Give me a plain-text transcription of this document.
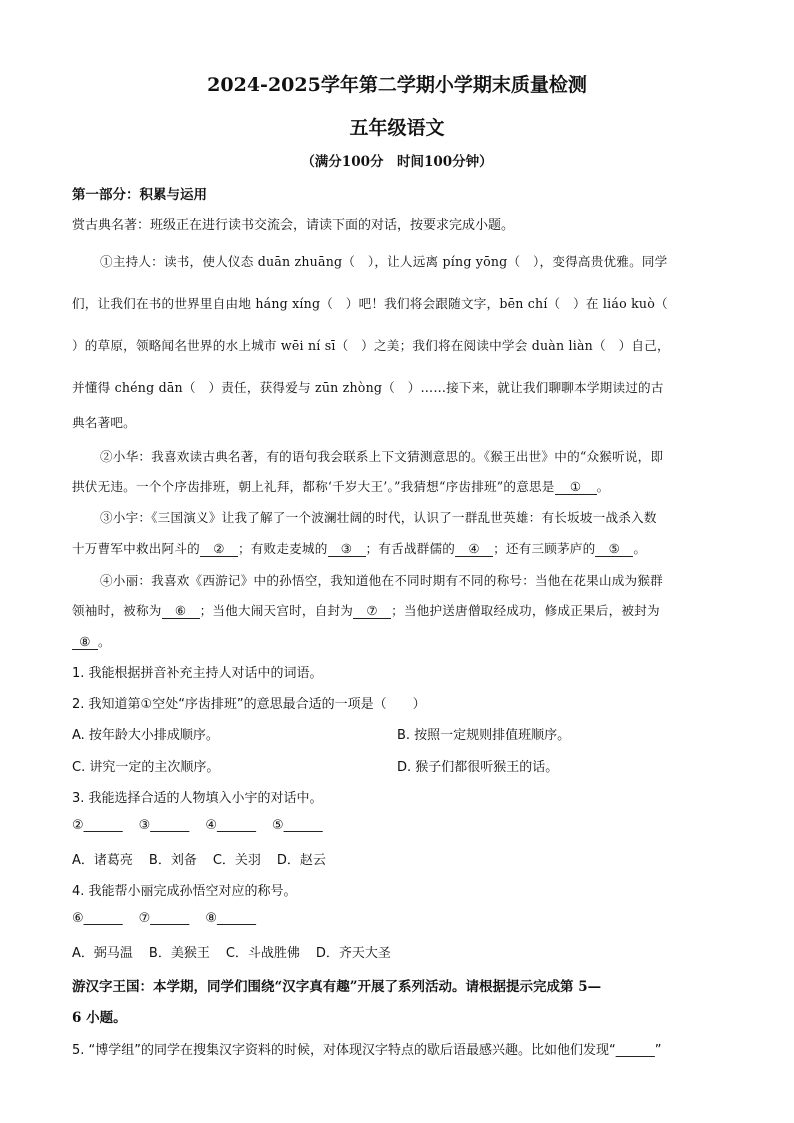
2024-2025学年第二学期小学期末质量检测
五年级语文
（满分100分　时间100分钟）
第一部分：积累与运用
赏古典名著：班级正在进行读书交流会，请读下面的对话，按要求完成小题。
①主持人：读书，使人仪态 duān zhuāng（　），让人远离 píng yōng（　），变得高贵优雅。同学
们，让我们在书的世界里自由地 háng xíng（　）吧！我们将会跟随文字，bēn chí（　）在 liáo kuò（
）的草原，领略闻名世界的水上城市 wēi ní sī（　）之美；我们将在阅读中学会 duàn liàn（　）自己，
并懂得 chéng dān（　）责任，获得爱与 zūn zhòng（　）……接下来，就让我们聊聊本学期读过的古
典名著吧。
②小华：我喜欢读古典名著，有的语句我会联系上下文猜测意思的。《猴王出世》中的“众猴听说，即
拱伏无违。一个个序齿排班，朝上礼拜，都称‘千岁大王’。”我猜想“序齿排班”的意思是 ① 。
③小宇：《三国演义》让我了解了一个波澜壮阔的时代，认识了一群乱世英雄：有长坂坡一战杀入数
十万曹军中救出阿斗的 ② ；有败走麦城的 ③ ；有舌战群儒的 ④ ；还有三顾茅庐的 ⑤ 。
④小丽：我喜欢《西游记》中的孙悟空，我知道他在不同时期有不同的称号：当他在花果山成为猴群
领袖时，被称为 ⑥ ；当他大闹天宫时，自封为 ⑦ ；当他护送唐僧取经成功，修成正果后，被封为
⑧ 。
1. 我能根据拼音补充主持人对话中的词语。
2. 我知道第①空处“序齿排班”的意思最合适的一项是（　　）
A. 按年龄大小排成顺序。	B. 按照一定规则排值班顺序。
C. 讲究一定的主次顺序。	D. 猴子们都很听猴王的话。
3. 我能选择合适的人物填入小宇的对话中。
②______ ③______ ④______ ⑤______
A．诸葛亮 B．刘备 C．关羽 D．赵云
4. 我能帮小丽完成孙悟空对应的称号。
⑥______ ⑦______ ⑧______
A．弼马温 B．美猴王 C．斗战胜佛 D．齐天大圣
游汉字王国：本学期，同学们围绕“汉字真有趣”开展了系列活动。请根据提示完成第 5—
6 小题。
5. “博学组”的同学在搜集汉字资料的时候，对体现汉字特点的歇后语最感兴趣。比如他们发现“______”
